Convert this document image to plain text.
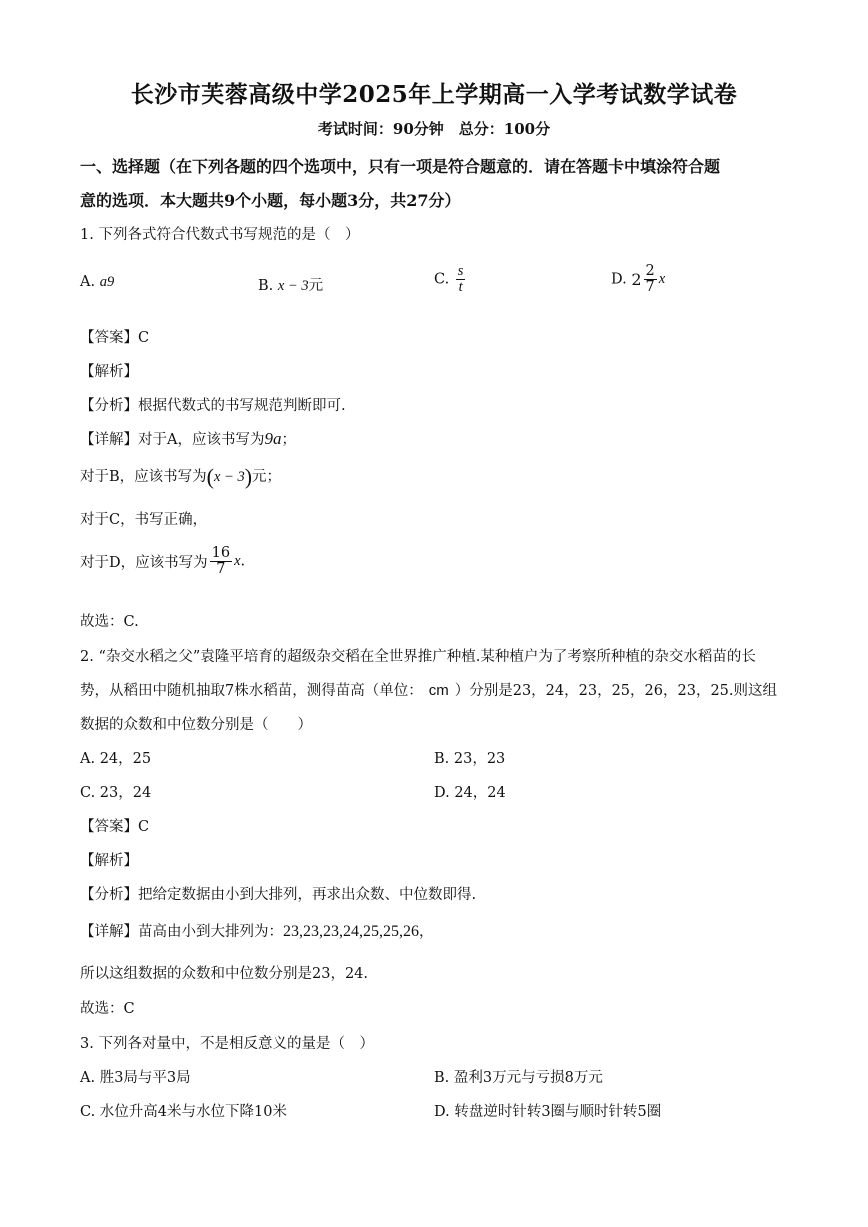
长沙市芙蓉高级中学2025年上学期高一入学考试数学试卷
考试时间：90分钟　总分：100分
一、选择题（在下列各题的四个选项中，只有一项是符合题意的．请在答题卡中填涂符合题
意的选项．本大题共9个小题，每小题3分，共27分）
1. 下列各式符合代数式书写规范的是（　）
A. a9	B. x − 3元	C. $\frac{s}{t}$	D. $2 \frac{2}{7}$ x
【答案】C
【解析】
【分析】根据代数式的书写规范判断即可.
【详解】对于A，应该书写为9a；
对于B，应该书写为(x − 3)元；
对于C，书写正确，
对于D，应该书写为 $\frac{16}{7} x$.
故选：C.
2. “杂交水稻之父”袁隆平培育的超级杂交稻在全世界推广种植.某种植户为了考察所种植的杂交水稻苗的长
势，从稻田中随机抽取7株水稻苗，测得苗高（单位： cm ）分别是23，24，23，25，26，23，25.则这组
数据的众数和中位数分别是（　　）
A. 24，25	B. 23，23
C. 23，24	D. 24，24
【答案】C
【解析】
【分析】把给定数据由小到大排列，再求出众数、中位数即得.
【详解】苗高由小到大排列为：23,23,23,24,25,25,26，
所以这组数据的众数和中位数分别是23，24.
故选：C
3. 下列各对量中，不是相反意义的量是（　）
A. 胜3局与平3局	B. 盈利3万元与亏损8万元
C. 水位升高4米与水位下降10米	D. 转盘逆时针转3圈与顺时针转5圈
